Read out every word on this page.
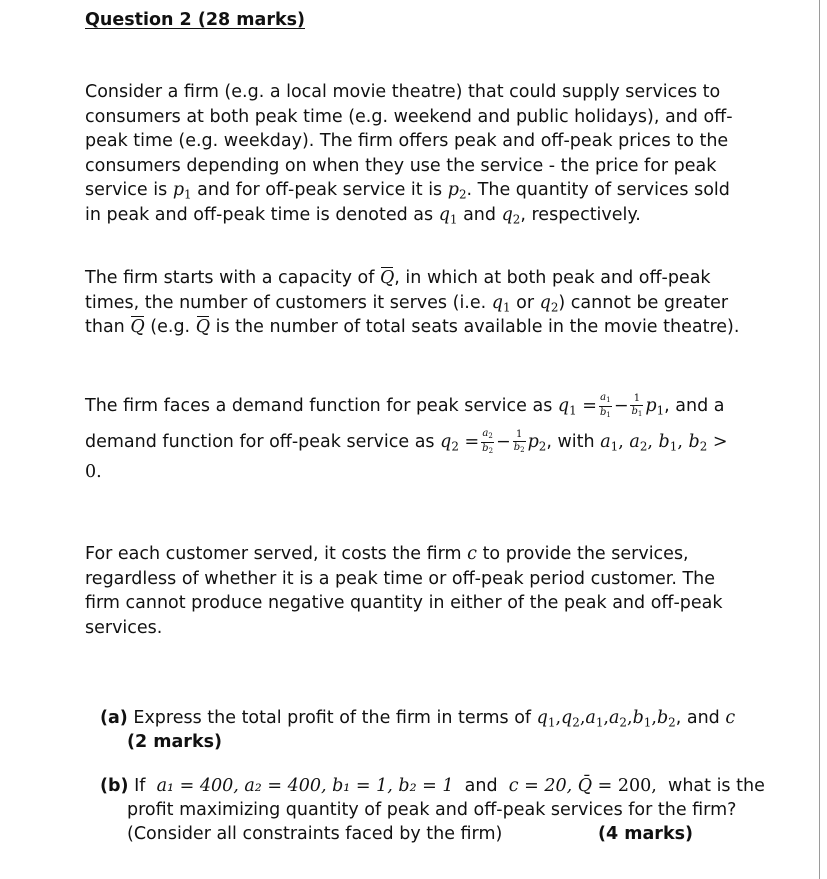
Question 2 (28 marks)
Consider a firm (e.g. a local movie theatre) that could supply services to
consumers at both peak time (e.g. weekend and public holidays), and off-
peak time (e.g. weekday). The firm offers peak and off-peak prices to the
consumers depending on when they use the service - the price for peak
service is $p_1$ and for off-peak service it is $p_2$. The quantity of services sold
in peak and off-peak time is denoted as $q_1$ and $q_2$, respectively.
The firm starts with a capacity of Q, in which at both peak and off-peak
times, the number of customers it serves (i.e. $q_1$ or $q_2$) cannot be greater
than Q (e.g. Q is the number of total seats available in the movie theatre).
The firm faces a demand function for peak service as $q_1 = \frac{a_1}{b_1} - \frac{1}{b_1} p_1$, and a
demand function for off-peak service as $q_2 = \frac{a_2}{b_2} - \frac{1}{b_2} p_2$, with $a_1$, $a_2$, $b_1$, $b_2$ >
0.
For each customer served, it costs the firm c to provide the services,
regardless of whether it is a peak time or off-peak period customer. The
firm cannot produce negative quantity in either of the peak and off-peak
services.
(a) Express the total profit of the firm in terms of $q_1,q_2,a_1,a_2,b_1,b_2$, and c
(2 marks)
(b) If a₁ = 400, a₂ = 400, b₁ = 1, b₂ = 1 and c = 20, Q̄ = 200, what is the
profit maximizing quantity of peak and off-peak services for the firm?
(Consider all constraints faced by the firm)	(4 marks)
